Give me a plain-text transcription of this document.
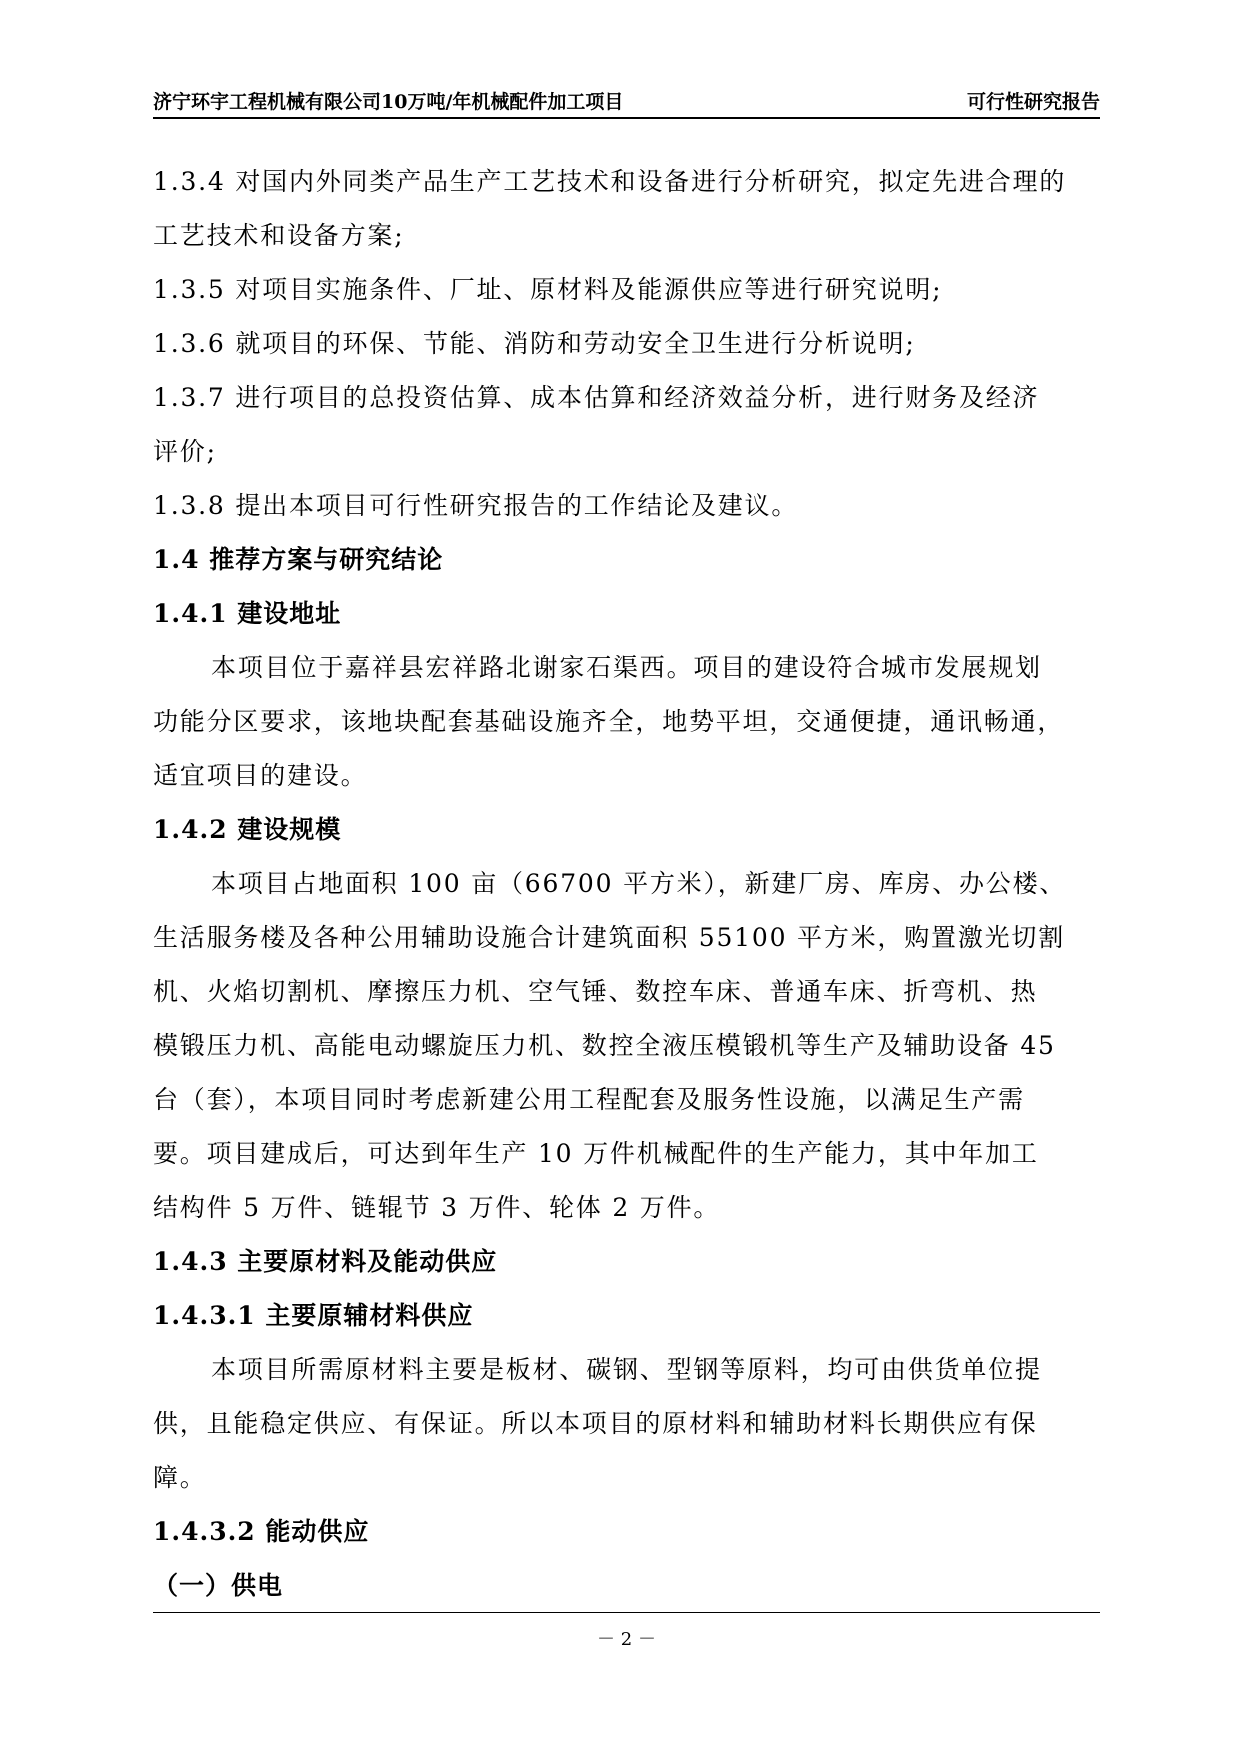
济宁环宇工程机械有限公司10万吨/年机械配件加工项目	可行性研究报告

1.3.4 对国内外同类产品生产工艺技术和设备进行分析研究，拟定先进合理的

工艺技术和设备方案;

1.3.5 对项目实施条件、厂址、原材料及能源供应等进行研究说明;

1.3.6 就项目的环保、节能、消防和劳动安全卫生进行分析说明;

1.3.7 进行项目的总投资估算、成本估算和经济效益分析，进行财务及经济

评价;

1.3.8 提出本项目可行性研究报告的工作结论及建议。

1.4 推荐方案与研究结论

1.4.1 建设地址

本项目位于嘉祥县宏祥路北谢家石渠西。项目的建设符合城市发展规划

功能分区要求，该地块配套基础设施齐全，地势平坦，交通便捷，通讯畅通，

适宜项目的建设。

1.4.2 建设规模

本项目占地面积 100 亩（66700 平方米），新建厂房、库房、办公楼、

生活服务楼及各种公用辅助设施合计建筑面积 55100 平方米，购置激光切割

机、火焰切割机、摩擦压力机、空气锤、数控车床、普通车床、折弯机、热

模锻压力机、高能电动螺旋压力机、数控全液压模锻机等生产及辅助设备 45

台（套），本项目同时考虑新建公用工程配套及服务性设施，以满足生产需

要。项目建成后，可达到年生产 10 万件机械配件的生产能力，其中年加工

结构件 5 万件、链辊节 3 万件、轮体 2 万件。

1.4.3 主要原材料及能动供应

1.4.3.1 主要原辅材料供应

本项目所需原材料主要是板材、碳钢、型钢等原料，均可由供货单位提

供，且能稳定供应、有保证。所以本项目的原材料和辅助材料长期供应有保

障。

1.4.3.2 能动供应

（一）供电

－ 2 －
